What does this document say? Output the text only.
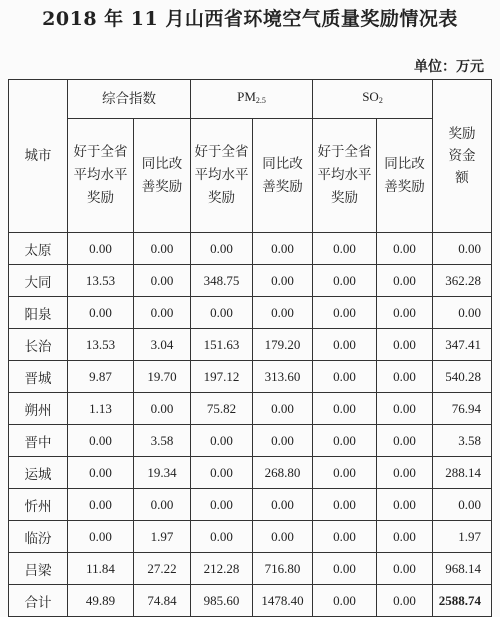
2018 年 11 月山西省环境空气质量奖励情况表
单位：万元
城市	综合指数		$PM_{2.5}$		$SO_2$		奖励资金额

	好于全省平均水平奖励	同比改善奖励	好于全省平均水平奖励	同比改善奖励	好于全省平均水平奖励	同比改善奖励	

太原	0.00	0.00	0.00	0.00	0.00	0.00	0.00
大同	13.53	0.00	348.75	0.00	0.00	0.00	362.28
阳泉	0.00	0.00	0.00	0.00	0.00	0.00	0.00
长治	13.53	3.04	151.63	179.20	0.00	0.00	347.41
晋城	9.87	19.70	197.12	313.60	0.00	0.00	540.28
朔州	1.13	0.00	75.82	0.00	0.00	0.00	76.94
晋中	0.00	3.58	0.00	0.00	0.00	0.00	3.58
运城	0.00	19.34	0.00	268.80	0.00	0.00	288.14
忻州	0.00	0.00	0.00	0.00	0.00	0.00	0.00
临汾	0.00	1.97	0.00	0.00	0.00	0.00	1.97
吕梁	11.84	27.22	212.28	716.80	0.00	0.00	968.14
合计	49.89	74.84	985.60	1478.40	0.00	0.00	2588.74
